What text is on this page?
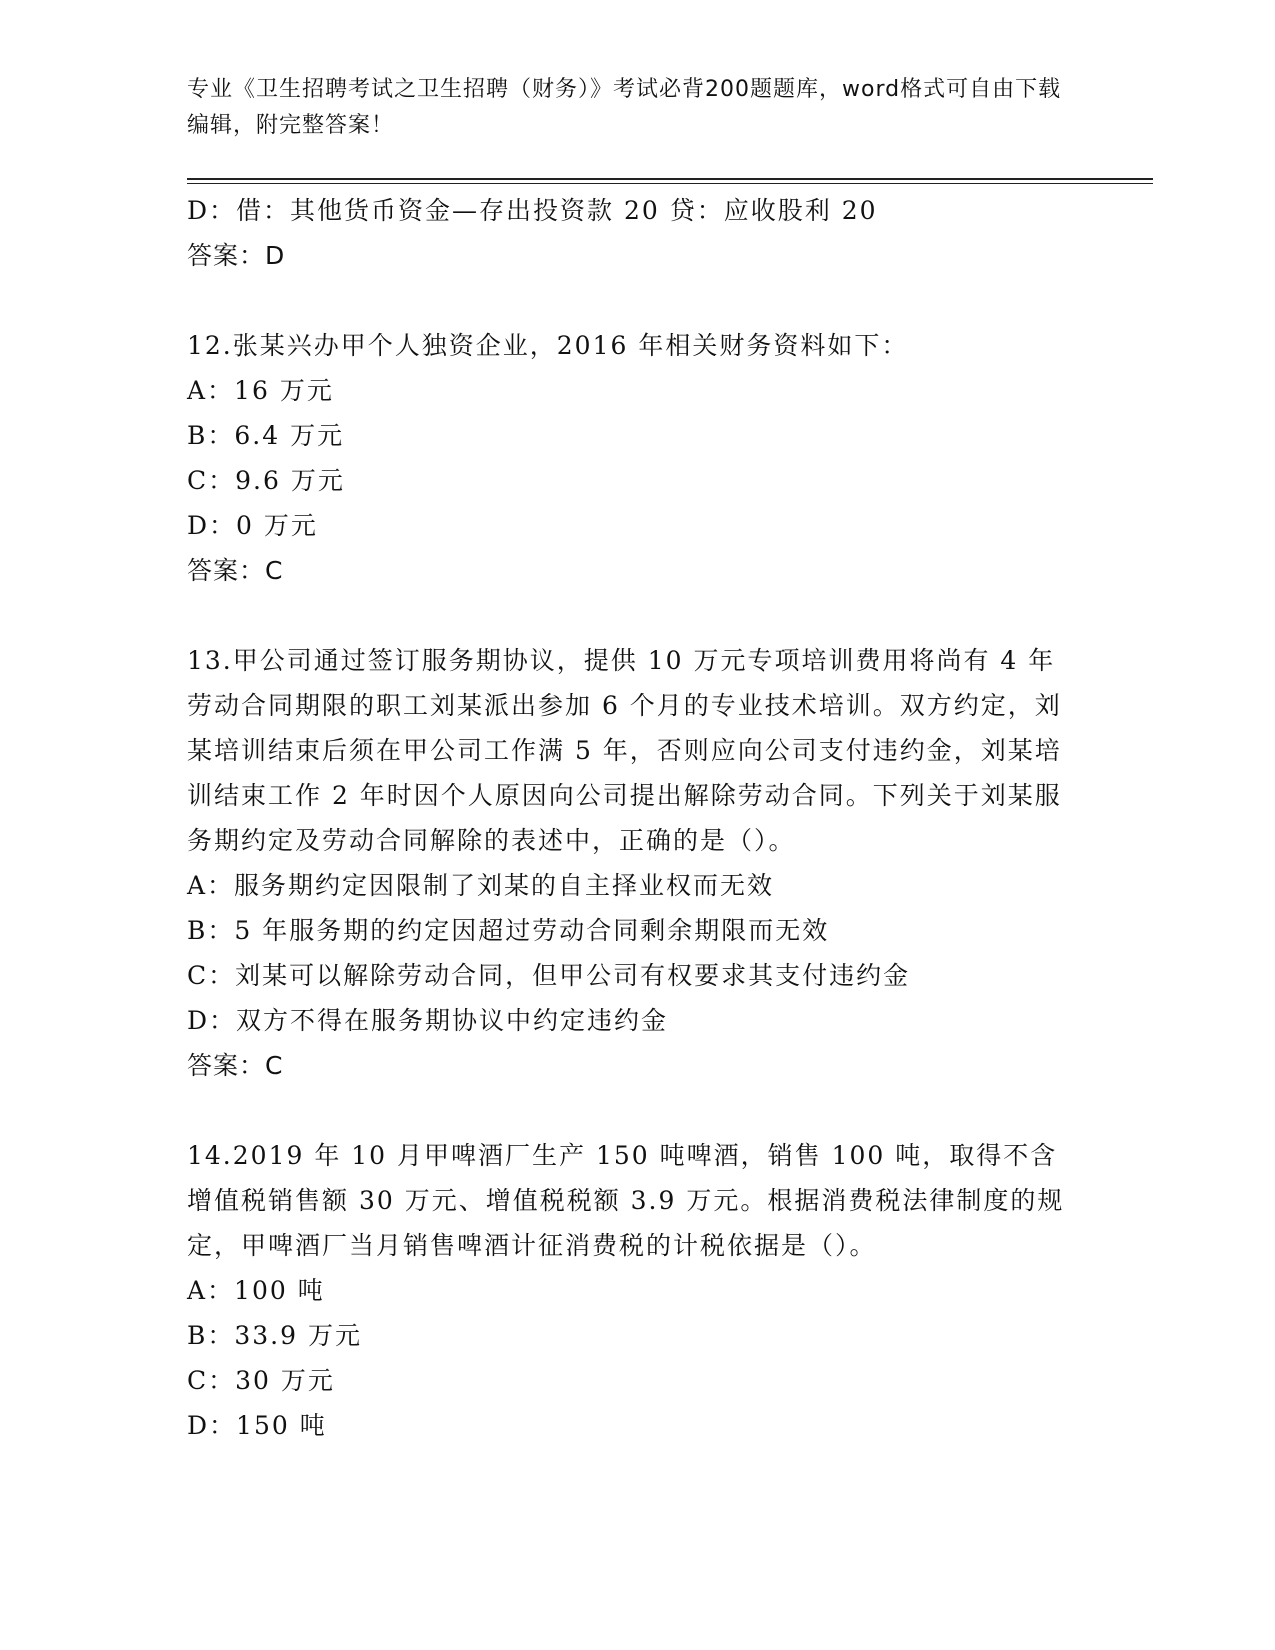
专业《卫生招聘考试之卫生招聘（财务）》考试必背200题题库，word格式可自由下载编辑，附完整答案！
D：借：其他货币资金—存出投资款 20 贷：应收股利 20
答案：D
12.张某兴办甲个人独资企业，2016 年相关财务资料如下：
A：16 万元
B：6.4 万元
C：9.6 万元
D：0 万元
答案：C
13.甲公司通过签订服务期协议，提供 10 万元专项培训费用将尚有 4 年劳动合同期限的职工刘某派出参加 6 个月的专业技术培训。双方约定，刘某培训结束后须在甲公司工作满 5 年，否则应向公司支付违约金，刘某培训结束工作 2 年时因个人原因向公司提出解除劳动合同。下列关于刘某服务期约定及劳动合同解除的表述中，正确的是（）。
A：服务期约定因限制了刘某的自主择业权而无效
B：5 年服务期的约定因超过劳动合同剩余期限而无效
C：刘某可以解除劳动合同，但甲公司有权要求其支付违约金
D：双方不得在服务期协议中约定违约金
答案：C
14.2019 年 10 月甲啤酒厂生产 150 吨啤酒，销售 100 吨，取得不含增值税销售额 30 万元、增值税税额 3.9 万元。根据消费税法律制度的规定，甲啤酒厂当月销售啤酒计征消费税的计税依据是（）。
A：100 吨
B：33.9 万元
C：30 万元
D：150 吨
